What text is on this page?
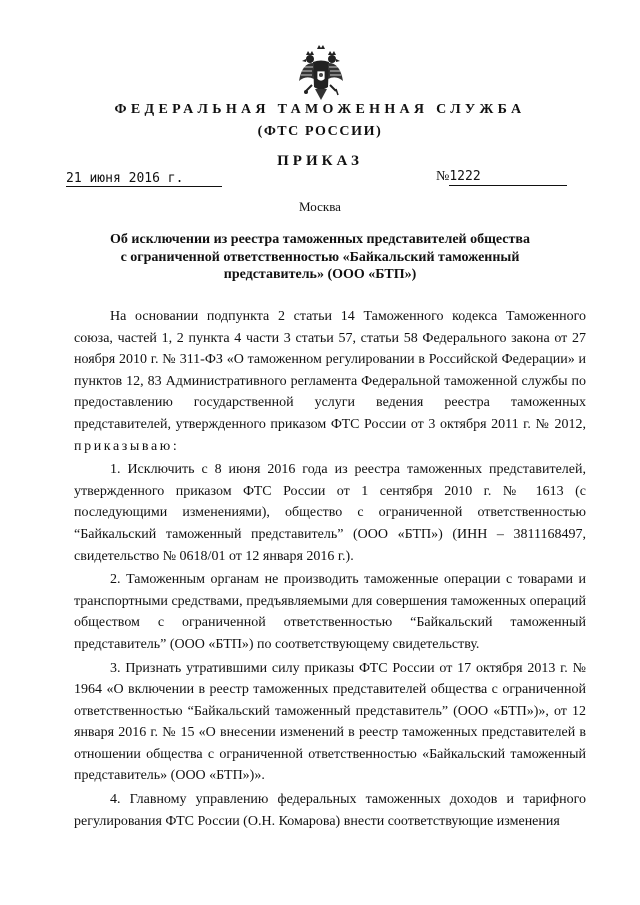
ФЕДЕРАЛЬНАЯ ТАМОЖЕННАЯ СЛУЖБА
(ФТС РОССИИ)
ПРИКАЗ
21 июня 2016 г.	№1222
Москва
Об исключении из реестра таможенных представителей общества с ограниченной ответственностью «Байкальский таможенный представитель» (ООО «БТП»)

На основании подпункта 2 статьи 14 Таможенного кодекса Таможенного союза, частей 1, 2 пункта 4 части 3 статьи 57, статьи 58 Федерального закона от 27 ноября 2010 г. № 311-ФЗ «О таможенном регулировании в Российской Федерации» и пунктов 12, 83 Административного регламента Федеральной таможенной службы по предоставлению государственной услуги ведения реестра таможенных представителей, утвержденного приказом ФТС России от 3 октября 2011 г. № 2012, приказываю:

1. Исключить с 8 июня 2016 года из реестра таможенных представителей, утвержденного приказом ФТС России от 1 сентября 2010 г. № 1613 (с последующими изменениями), общество с ограниченной ответственностью “Байкальский таможенный представитель” (ООО «БТП») (ИНН – 3811168497, свидетельство № 0618/01 от 12 января 2016 г.).

2. Таможенным органам не производить таможенные операции с товарами и транспортными средствами, предъявляемыми для совершения таможенных операций обществом с ограниченной ответственностью “Байкальский таможенный представитель” (ООО «БТП») по соответствующему свидетельству.

3. Признать утратившими силу приказы ФТС России от 17 октября 2013 г. № 1964 «О включении в реестр таможенных представителей общества с ограниченной ответственностью “Байкальский таможенный представитель” (ООО «БТП»)», от 12 января 2016 г. № 15 «О внесении изменений в реестр таможенных представителей в отношении общества с ограниченной ответственностью «Байкальский таможенный представитель» (ООО «БТП»)».

4. Главному управлению федеральных таможенных доходов и тарифного регулирования ФТС России (О.Н. Комарова) внести соответствующие изменения
